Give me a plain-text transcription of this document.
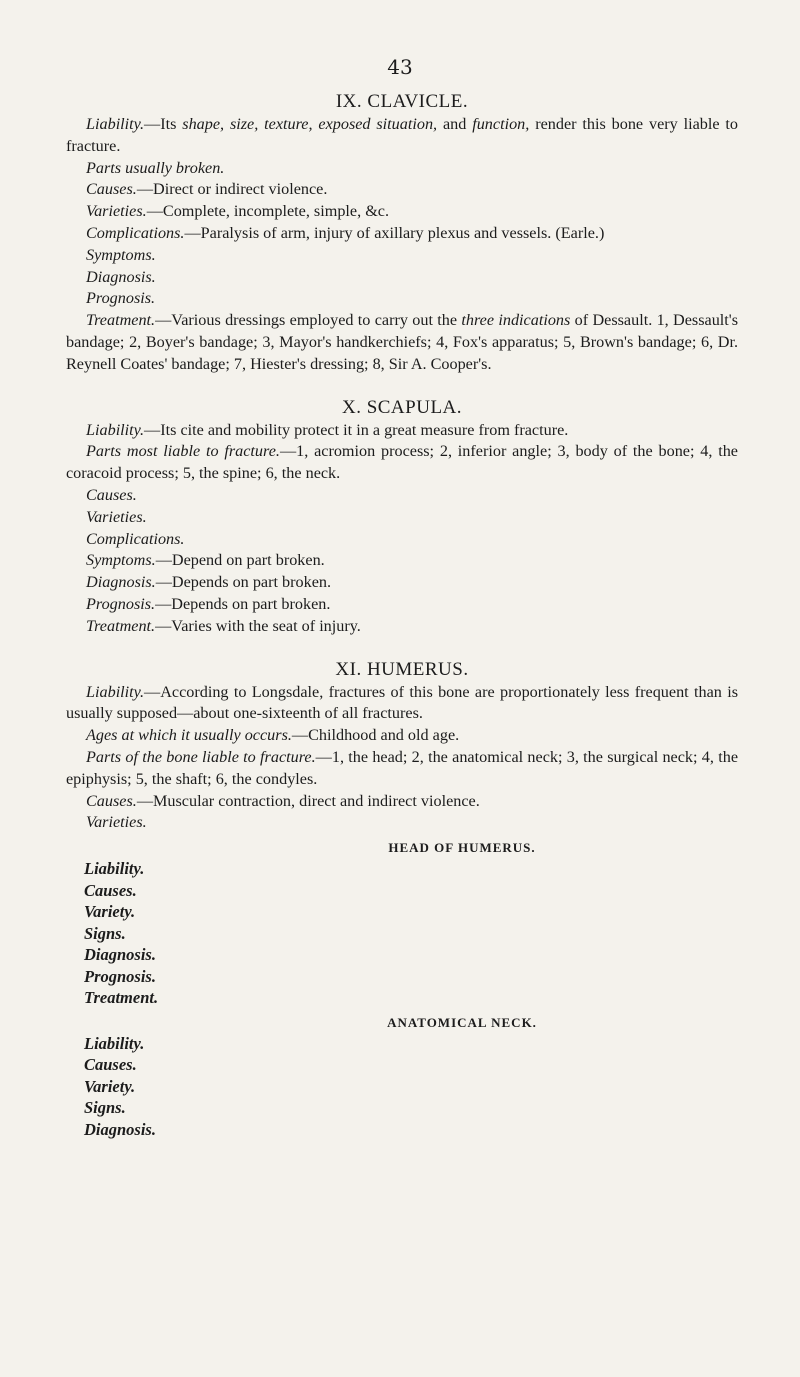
43

IX. CLAVICLE.

Liability.—Its shape, size, texture, exposed situation, and function, render this bone very liable to fracture.

Parts usually broken.

Causes.—Direct or indirect violence.

Varieties.—Complete, incomplete, simple, &c.

Complications.—Paralysis of arm, injury of axillary plexus and vessels. (Earle.)

Symptoms.

Diagnosis.

Prognosis.

Treatment.—Various dressings employed to carry out the three indications of Dessault. 1, Dessault's bandage; 2, Boyer's bandage; 3, Mayor's handkerchiefs; 4, Fox's apparatus; 5, Brown's bandage; 6, Dr. Reynell Coates' bandage; 7, Hiester's dressing; 8, Sir A. Cooper's.

X. SCAPULA.

Liability.—Its cite and mobility protect it in a great measure from fracture.

Parts most liable to fracture.—1, acromion process; 2, inferior angle; 3, body of the bone; 4, the coracoid process; 5, the spine; 6, the neck.

Causes.

Varieties.

Complications.

Symptoms.—Depend on part broken.

Diagnosis.—Depends on part broken.

Prognosis.—Depends on part broken.

Treatment.—Varies with the seat of injury.

XI. HUMERUS.

Liability.—According to Longsdale, fractures of this bone are proportionately less frequent than is usually supposed—about one-sixteenth of all fractures.

Ages at which it usually occurs.—Childhood and old age.

Parts of the bone liable to fracture.—1, the head; 2, the anatomical neck; 3, the surgical neck; 4, the epiphysis; 5, the shaft; 6, the condyles.

Causes.—Muscular contraction, direct and indirect violence.

Varieties.

HEAD OF HUMERUS.

Liability.

Causes.

Variety.

Signs.

Diagnosis.

Prognosis.

Treatment.

ANATOMICAL NECK.

Liability.

Causes.

Variety.

Signs.

Diagnosis.
